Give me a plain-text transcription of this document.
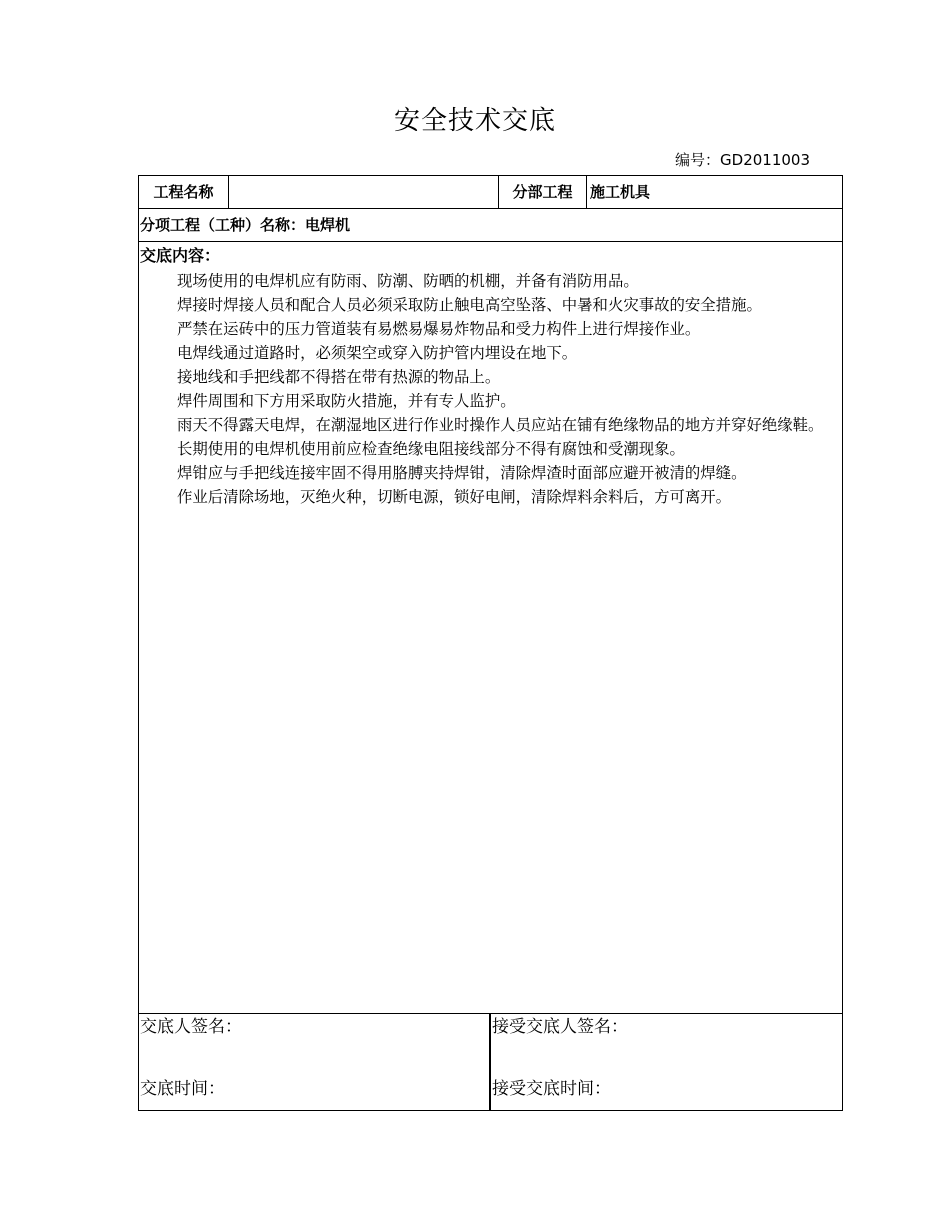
安全技术交底
编号：GD2011003
工程名称	分部工程	施工机具
分项工程（工种）名称：电焊机
交底内容：
现场使用的电焊机应有防雨、防潮、防晒的机棚，并备有消防用品。
焊接时焊接人员和配合人员必须采取防止触电高空坠落、中暑和火灾事故的安全措施。
严禁在运砖中的压力管道装有易燃易爆易炸物品和受力构件上进行焊接作业。
电焊线通过道路时，必须架空或穿入防护管内埋设在地下。
接地线和手把线都不得搭在带有热源的物品上。
焊件周围和下方用采取防火措施，并有专人监护。
雨天不得露天电焊，在潮湿地区进行作业时操作人员应站在铺有绝缘物品的地方并穿好绝缘鞋。
长期使用的电焊机使用前应检查绝缘电阻接线部分不得有腐蚀和受潮现象。
焊钳应与手把线连接牢固不得用胳膊夹持焊钳，清除焊渣时面部应避开被清的焊缝。
作业后清除场地，灭绝火种，切断电源，锁好电闸，清除焊料余料后，方可离开。
交底人签名：
交底时间：
接受交底人签名：
接受交底时间：
